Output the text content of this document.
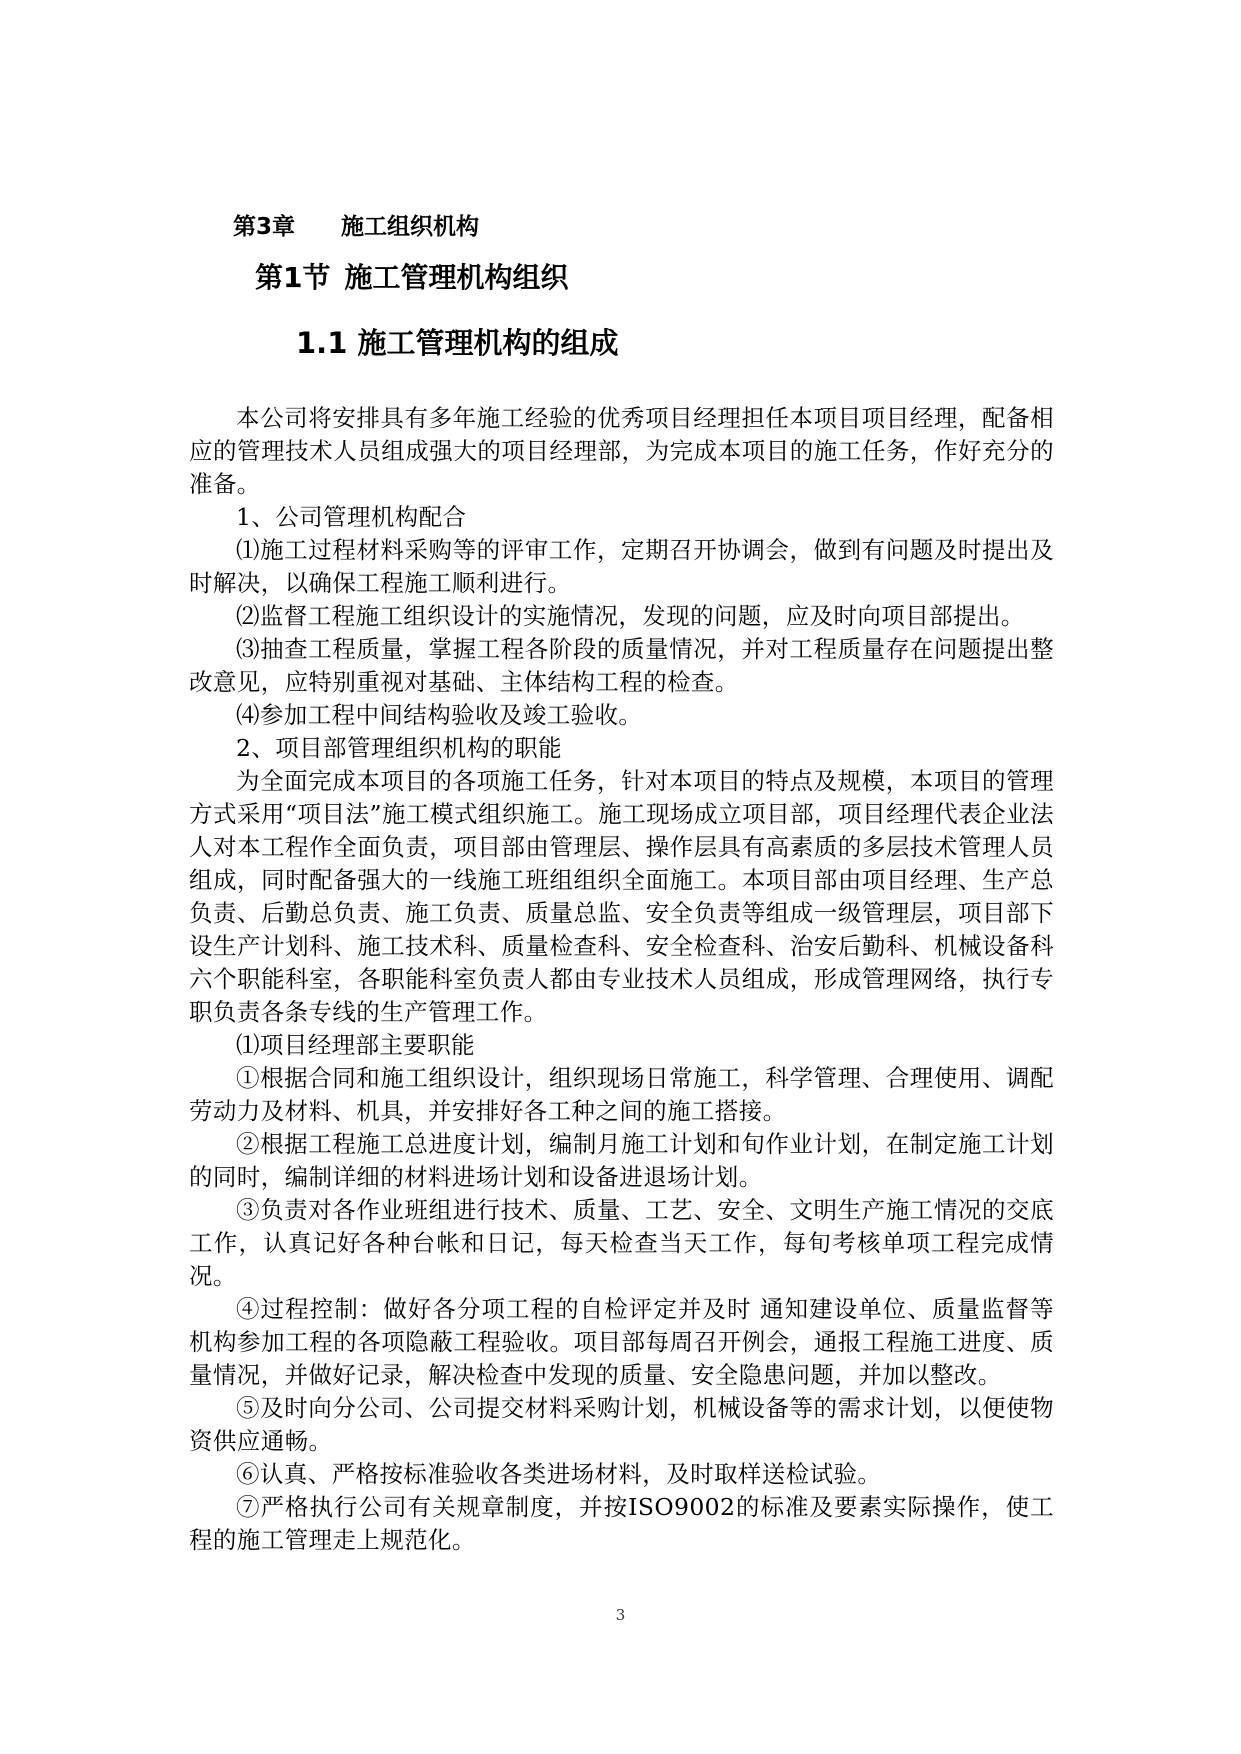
第3章 施工组织机构
第1节 施工管理机构组织
1.1 施工管理机构的组成

本公司将安排具有多年施工经验的优秀项目经理担任本项目项目经理，配备相应的管理技术人员组成强大的项目经理部，为完成本项目的施工任务，作好充分的准备。

1、公司管理机构配合

⑴施工过程材料采购等的评审工作，定期召开协调会，做到有问题及时提出及时解决，以确保工程施工顺利进行。

⑵监督工程施工组织设计的实施情况，发现的问题，应及时向项目部提出。

⑶抽查工程质量，掌握工程各阶段的质量情况，并对工程质量存在问题提出整改意见，应特别重视对基础、主体结构工程的检查。

⑷参加工程中间结构验收及竣工验收。

2、项目部管理组织机构的职能

为全面完成本项目的各项施工任务，针对本项目的特点及规模，本项目的管理方式采用“项目法”施工模式组织施工。施工现场成立项目部，项目经理代表企业法人对本工程作全面负责，项目部由管理层、操作层具有高素质的多层技术管理人员组成，同时配备强大的一线施工班组组织全面施工。本项目部由项目经理、生产总负责、后勤总负责、施工负责、质量总监、安全负责等组成一级管理层，项目部下设生产计划科、施工技术科、质量检查科、安全检查科、治安后勤科、机械设备科六个职能科室，各职能科室负责人都由专业技术人员组成，形成管理网络，执行专职负责各条专线的生产管理工作。

⑴项目经理部主要职能

①根据合同和施工组织设计，组织现场日常施工，科学管理、合理使用、调配劳动力及材料、机具，并安排好各工种之间的施工搭接。

②根据工程施工总进度计划，编制月施工计划和旬作业计划，在制定施工计划的同时，编制详细的材料进场计划和设备进退场计划。

③负责对各作业班组进行技术、质量、工艺、安全、文明生产施工情况的交底工作，认真记好各种台帐和日记，每天检查当天工作，每旬考核单项工程完成情况。

④过程控制：做好各分项工程的自检评定并及时 通知建设单位、质量监督等机构参加工程的各项隐蔽工程验收。项目部每周召开例会，通报工程施工进度、质量情况，并做好记录，解决检查中发现的质量、安全隐患问题，并加以整改。

⑤及时向分公司、公司提交材料采购计划，机械设备等的需求计划，以便使物资供应通畅。

⑥认真、严格按标准验收各类进场材料，及时取样送检试验。

⑦严格执行公司有关规章制度，并按ISO9002的标准及要素实际操作，使工程的施工管理走上规范化。

3
